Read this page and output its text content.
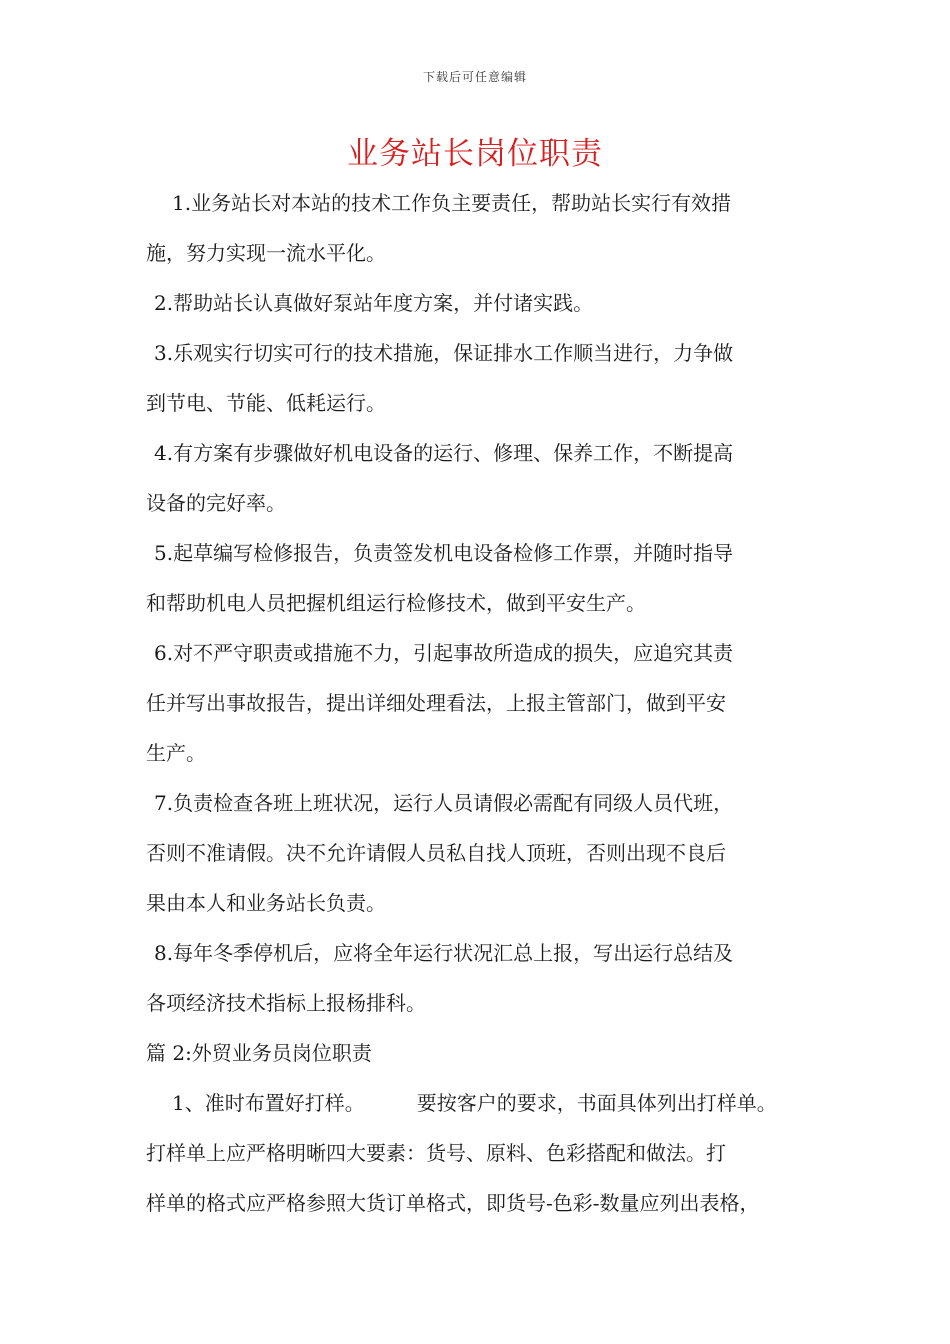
下载后可任意编辑
业务站长岗位职责
1.业务站长对本站的技术工作负主要责任，帮助站长实行有效措
施，努力实现一流水平化。
2.帮助站长认真做好泵站年度方案，并付诸实践。
3.乐观实行切实可行的技术措施，保证排水工作顺当进行，力争做
到节电、节能、低耗运行。
4.有方案有步骤做好机电设备的运行、修理、保养工作，不断提高
设备的完好率。
5.起草编写检修报告，负责签发机电设备检修工作票，并随时指导
和帮助机电人员把握机组运行检修技术，做到平安生产。
6.对不严守职责或措施不力，引起事故所造成的损失，应追究其责
任并写出事故报告，提出详细处理看法，上报主管部门，做到平安
生产。
7.负责检查各班上班状况，运行人员请假必需配有同级人员代班，
否则不准请假。决不允许请假人员私自找人顶班，否则出现不良后
果由本人和业务站长负责。
8.每年冬季停机后，应将全年运行状况汇总上报，写出运行总结及
各项经济技术指标上报杨排科。
篇 2:外贸业务员岗位职责
1、准时布置好打样。	要按客户的要求，书面具体列出打样单。
打样单上应严格明晰四大要素：货号、原料、色彩搭配和做法。打
样单的格式应严格参照大货订单格式，即货号-色彩-数量应列出表格，
